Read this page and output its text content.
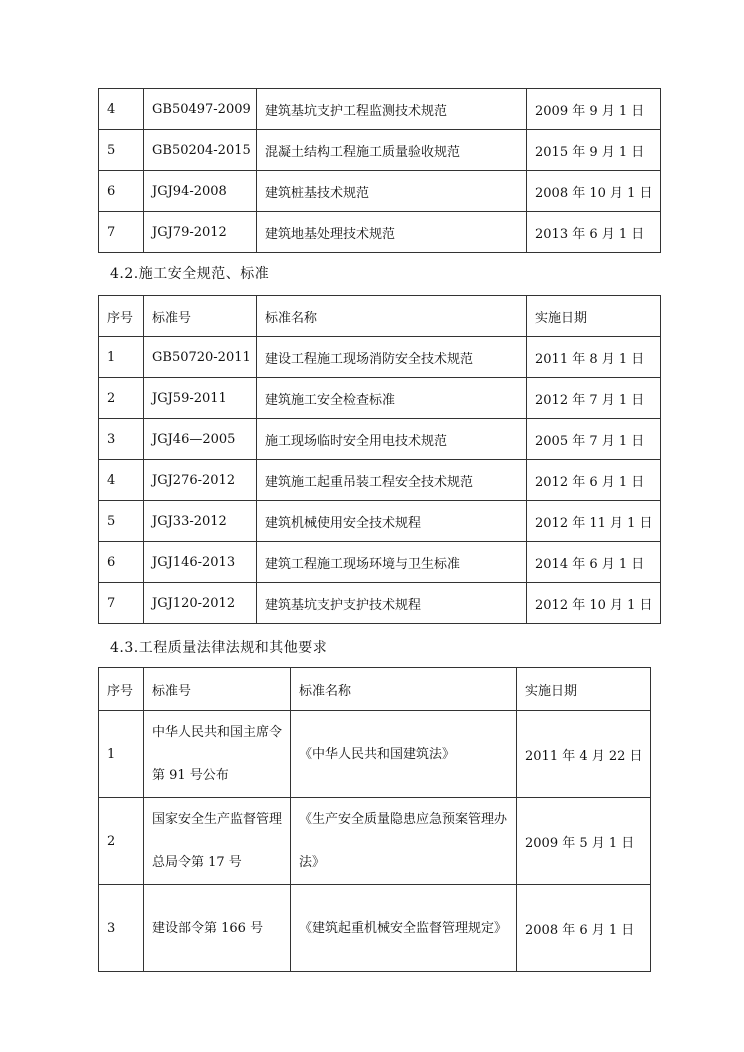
4	GB50497-2009	建筑基坑支护工程监测技术规范	2009 年 9 月 1 日
5	GB50204-2015	混凝土结构工程施工质量验收规范	2015 年 9 月 1 日
6	JGJ94-2008	建筑桩基技术规范	2008 年 10 月 1 日
7	JGJ79-2012	建筑地基处理技术规范	2013 年 6 月 1 日
4.2.施工安全规范、标准
序号	标准号	标准名称	实施日期
1	GB50720-2011	建设工程施工现场消防安全技术规范	2011 年 8 月 1 日
2	JGJ59-2011	建筑施工安全检查标准	2012 年 7 月 1 日
3	JGJ46—2005	施工现场临时安全用电技术规范	2005 年 7 月 1 日
4	JGJ276-2012	建筑施工起重吊装工程安全技术规范	2012 年 6 月 1 日
5	JGJ33-2012	建筑机械使用安全技术规程	2012 年 11 月 1 日
6	JGJ146-2013	建筑工程施工现场环境与卫生标准	2014 年 6 月 1 日
7	JGJ120-2012	建筑基坑支护支护技术规程	2012 年 10 月 1 日
4.3.工程质量法律法规和其他要求
序号	标准号	标准名称	实施日期
1	中华人民共和国主席令第 91 号公布	《中华人民共和国建筑法》	2011 年 4 月 22 日
2	国家安全生产监督管理总局令第 17 号	《生产安全质量隐患应急预案管理办法》	2009 年 5 月 1 日
3	建设部令第 166 号	《建筑起重机械安全监督管理规定》	2008 年 6 月 1 日
